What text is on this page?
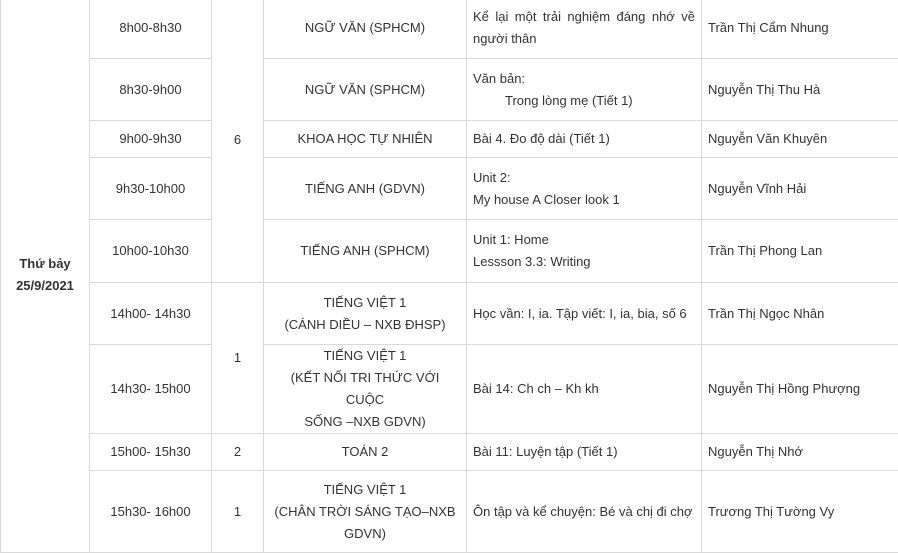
Thứ bảy
25/9/2021	8h00-8h30	6	NGỮ VĂN (SPHCM)	Kể lại một trải nghiệm đáng nhớ về người thân	Trần Thị Cẩm Nhung
	8h30-9h00		NGỮ VĂN (SPHCM)	Văn bản:
Trong lòng mẹ (Tiết 1)	Nguyễn Thị Thu Hà
	9h00-9h30		KHOA HỌC TỰ NHIÊN	Bài 4. Đo độ dài (Tiết 1)	Nguyễn Văn Khuyên
	9h30-10h00		TIẾNG ANH (GDVN)	Unit 2:
My house A Closer look 1	Nguyễn Vĩnh Hải
	10h00-10h30		TIẾNG ANH (SPHCM)	Unit 1: Home
Lessson 3.3: Writing	Trần Thị Phong Lan
	14h00- 14h30	1	TIẾNG VIỆT 1
(CÁNH DIỀU – NXB ĐHSP)	Học vần: I, ia. Tập viết: I, ia, bia, số 6	Trần Thị Ngọc Nhân
	14h30- 15h00		TIẾNG VIỆT 1
(KẾT NỐI TRI THỨC VỚI CUỘC
SỐNG –NXB GDVN)	Bài 14: Ch ch – Kh kh	Nguyễn Thị Hồng Phượng
	15h00- 15h30	2	TOÁN 2	Bài 11: Luyện tập (Tiết 1)	Nguyễn Thị Nhớ
	15h30- 16h00	1	TIẾNG VIỆT 1
(CHÂN TRỜI SÁNG TẠO–NXB
GDVN)	Ôn tập và kể chuyện: Bé và chị đi chợ	Trương Thị Tường Vy
